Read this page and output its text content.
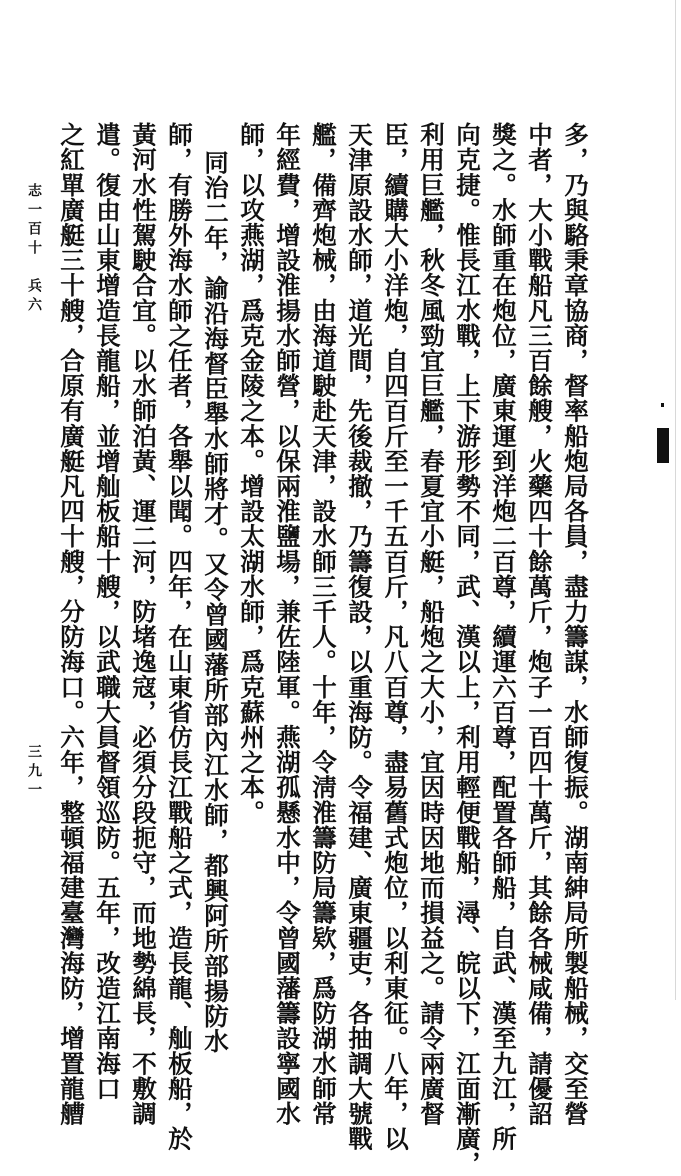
多，乃與駱秉章協商，督率船炮局各員，盡力籌謀，水師復振。湖南紳局所製船械，交至營
中者，大小戰船凡三百餘艘，火藥四十餘萬斤，炮子一百四十萬斤，其餘各械咸備，請優詔
獎之。水師重在炮位，廣東運到洋炮二百尊，續運六百尊，配置各師船，自武、漢至九江，所
向克捷。惟長江水戰，上下游形勢不同，武、漢以上，利用輕便戰船，潯、皖以下，江面漸廣，
利用巨艦，秋冬風勁宜巨艦，春夏宜小艇，船炮之大小，宜因時因地而損益之。請令兩廣督
臣，續購大小洋炮，自四百斤至一千五百斤，凡八百尊，盡易舊式炮位，以利東征。八年，以
天津原設水師，道光間，先後裁撤，乃籌復設，以重海防。令福建、廣東疆吏，各抽調大號戰
艦，備齊炮械，由海道駛赴天津，設水師三千人。十年，令淸淮籌防局籌欵，爲防湖水師常
年經費，增設淮揚水師營，以保兩淮鹽場，兼佐陸軍。燕湖孤懸水中，令曾國藩籌設寧國水
師，以攻燕湖，爲克金陵之本。增設太湖水師，爲克蘇州之本。
同治二年，諭沿海督臣舉水師將才。又令曾國藩所部內江水師，都興阿所部揚防水
師，有勝外海水師之任者，各舉以聞。四年，在山東省仿長江戰船之式，造長龍、舢板船，於
黃河水性駕駛合宜。以水師泊黃、運二河，防堵逸寇，必須分段扼守，而地勢綿長，不敷調
遣。復由山東增造長龍船，並增舢板船十艘，以武職大員督領巡防。五年，改造江南海口
之紅單廣艇三十艘，合原有廣艇凡四十艘，分防海口。六年，整頓福建臺灣海防，增置龍艚
志一百十　兵六
三九一
